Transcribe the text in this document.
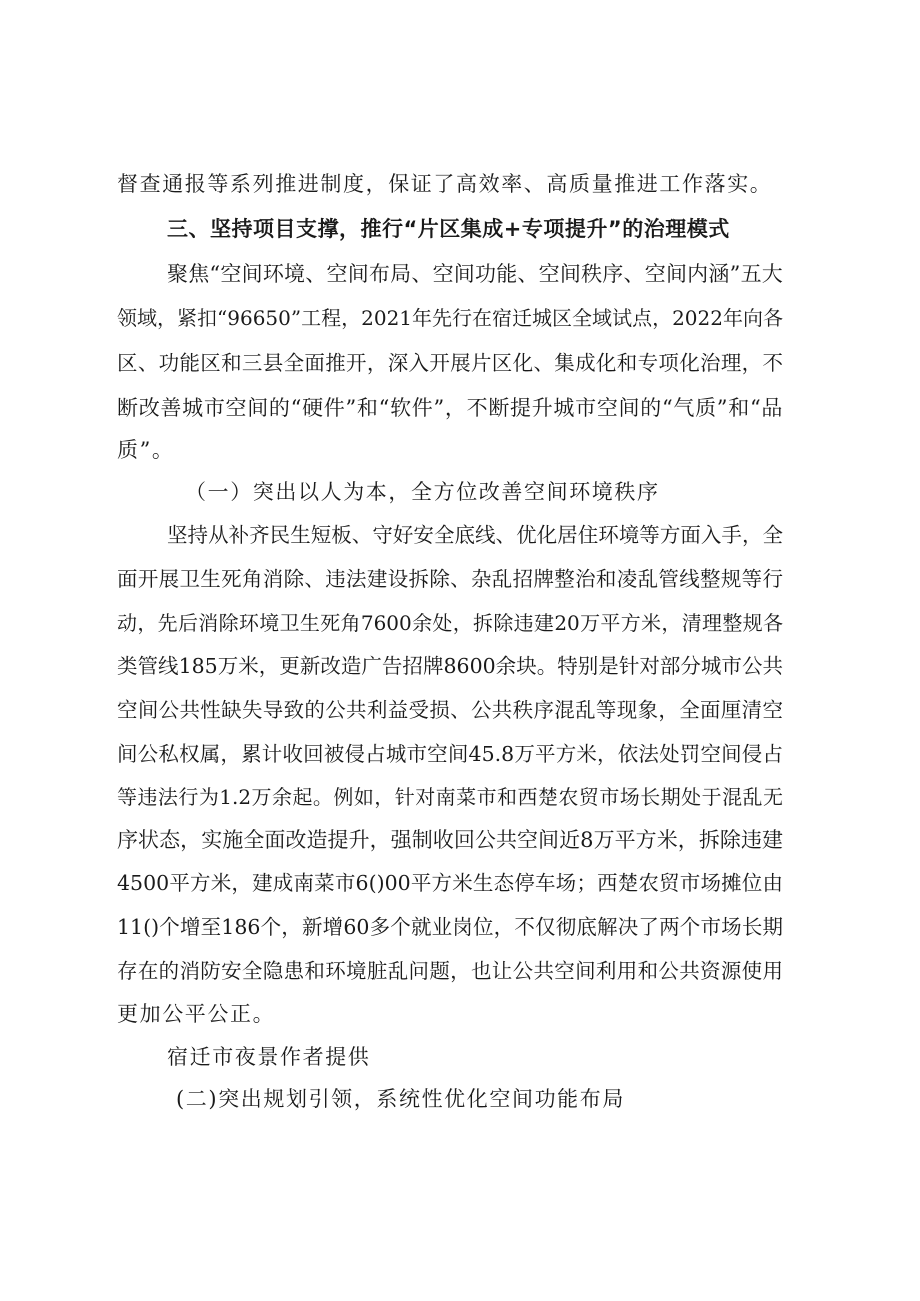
督查通报等系列推进制度，保证了高效率、高质量推进工作落实。
三、坚持项目支撑，推行“片区集成+专项提升”的治理模式
聚焦“空间环境、空间布局、空间功能、空间秩序、空间内涵”五大
领域，紧扣“96650”工程，2021年先行在宿迁城区全域试点，2022年向各
区、功能区和三县全面推开，深入开展片区化、集成化和专项化治理，不
断改善城市空间的“硬件”和“软件”，不断提升城市空间的“气质”和“品
质”。
（一）突出以人为本，全方位改善空间环境秩序
坚持从补齐民生短板、守好安全底线、优化居住环境等方面入手，全
面开展卫生死角消除、违法建设拆除、杂乱招牌整治和凌乱管线整规等行
动，先后消除环境卫生死角7600余处，拆除违建20万平方米，清理整规各
类管线185万米，更新改造广告招牌8600余块。特别是针对部分城市公共
空间公共性缺失导致的公共利益受损、公共秩序混乱等现象，全面厘清空
间公私权属，累计收回被侵占城市空间45.8万平方米，依法处罚空间侵占
等违法行为1.2万余起。例如，针对南菜市和西楚农贸市场长期处于混乱无
序状态，实施全面改造提升，强制收回公共空间近8万平方米，拆除违建
4500平方米，建成南菜市6()00平方米生态停车场；西楚农贸市场摊位由
11()个增至186个，新增60多个就业岗位，不仅彻底解决了两个市场长期
存在的消防安全隐患和环境脏乱问题，也让公共空间利用和公共资源使用
更加公平公正。
宿迁市夜景作者提供
(二)突出规划引领，系统性优化空间功能布局
